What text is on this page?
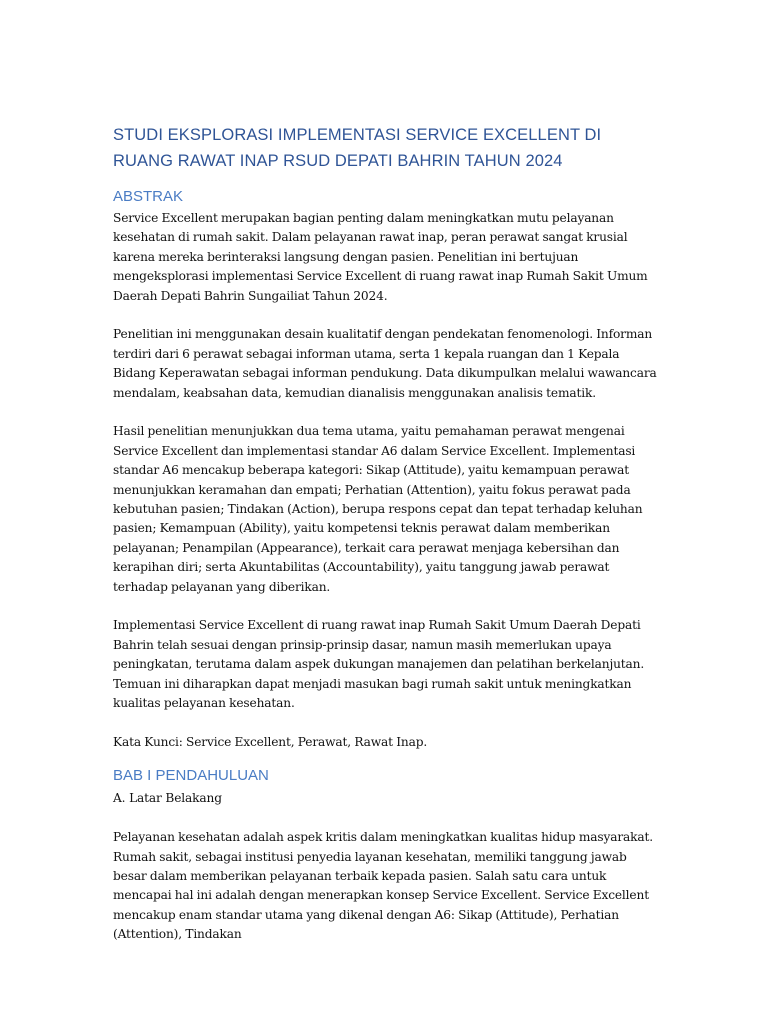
STUDI EKSPLORASI IMPLEMENTASI SERVICE EXCELLENT DI RUANG RAWAT INAP RSUD DEPATI BAHRIN TAHUN 2024
ABSTRAK

Service Excellent merupakan bagian penting dalam meningkatkan mutu pelayanan kesehatan di rumah sakit. Dalam pelayanan rawat inap, peran perawat sangat krusial karena mereka berinteraksi langsung dengan pasien. Penelitian ini bertujuan mengeksplorasi implementasi Service Excellent di ruang rawat inap Rumah Sakit Umum Daerah Depati Bahrin Sungailiat Tahun 2024.

Penelitian ini menggunakan desain kualitatif dengan pendekatan fenomenologi. Informan terdiri dari 6 perawat sebagai informan utama, serta 1 kepala ruangan dan 1 Kepala Bidang Keperawatan sebagai informan pendukung. Data dikumpulkan melalui wawancara mendalam, keabsahan data, kemudian dianalisis menggunakan analisis tematik.

Hasil penelitian menunjukkan dua tema utama, yaitu pemahaman perawat mengenai Service Excellent dan implementasi standar A6 dalam Service Excellent. Implementasi standar A6 mencakup beberapa kategori: Sikap (Attitude), yaitu kemampuan perawat menunjukkan keramahan dan empati; Perhatian (Attention), yaitu fokus perawat pada kebutuhan pasien; Tindakan (Action), berupa respons cepat dan tepat terhadap keluhan pasien; Kemampuan (Ability), yaitu kompetensi teknis perawat dalam memberikan pelayanan; Penampilan (Appearance), terkait cara perawat menjaga kebersihan dan kerapihan diri; serta Akuntabilitas (Accountability), yaitu tanggung jawab perawat terhadap pelayanan yang diberikan.

Implementasi Service Excellent di ruang rawat inap Rumah Sakit Umum Daerah Depati Bahrin telah sesuai dengan prinsip-prinsip dasar, namun masih memerlukan upaya peningkatan, terutama dalam aspek dukungan manajemen dan pelatihan berkelanjutan. Temuan ini diharapkan dapat menjadi masukan bagi rumah sakit untuk meningkatkan kualitas pelayanan kesehatan.

Kata Kunci: Service Excellent, Perawat, Rawat Inap.

BAB I PENDAHULUAN

A. Latar Belakang

Pelayanan kesehatan adalah aspek kritis dalam meningkatkan kualitas hidup masyarakat. Rumah sakit, sebagai institusi penyedia layanan kesehatan, memiliki tanggung jawab besar dalam memberikan pelayanan terbaik kepada pasien. Salah satu cara untuk mencapai hal ini adalah dengan menerapkan konsep Service Excellent. Service Excellent mencakup enam standar utama yang dikenal dengan A6: Sikap (Attitude), Perhatian (Attention), Tindakan
